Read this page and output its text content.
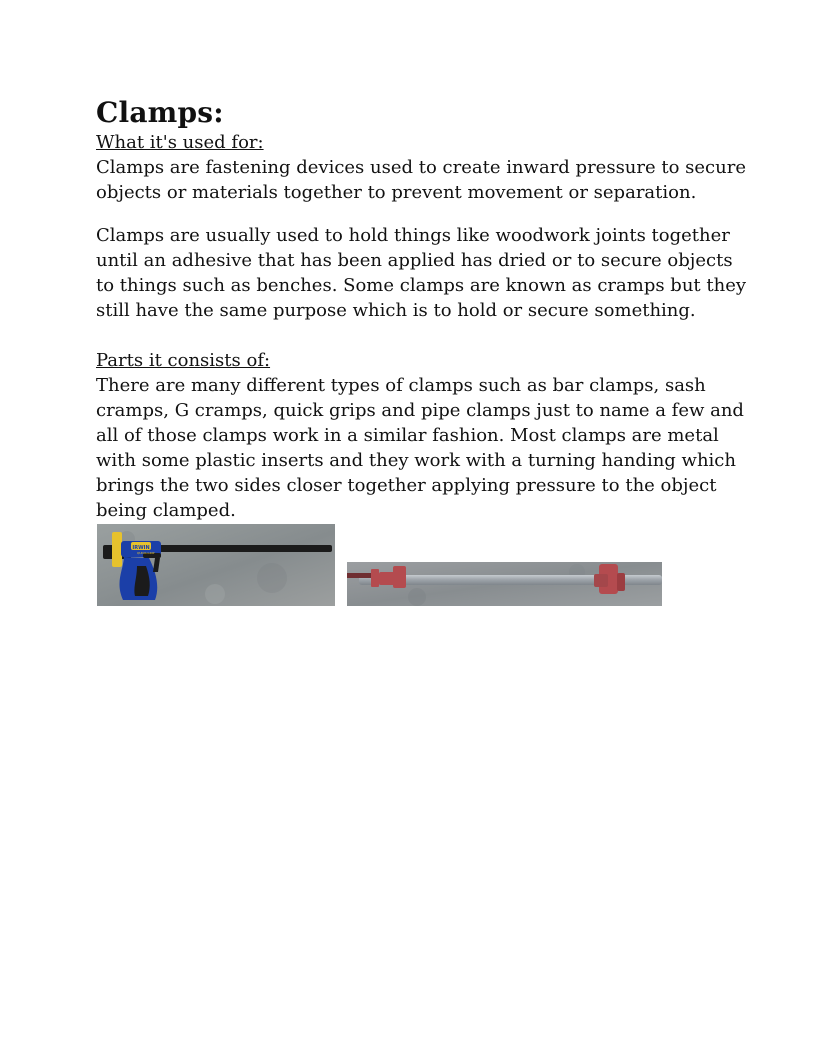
Clamps:
What it's used for:

Clamps are fastening devices used to create inward pressure to secure
objects or materials together to prevent movement or separation.

Clamps are usually used to hold things like woodwork joints together
until an adhesive that has been applied has dried or to secure objects
to things such as benches. Some clamps are known as cramps but they
still have the same purpose which is to hold or secure something.

Parts it consists of:

There are many different types of clamps such as bar clamps, sash
cramps, G cramps, quick grips and pipe clamps just to name a few and
all of those clamps work in a similar fashion. Most clamps are metal
with some plastic inserts and they work with a turning handing which
brings the two sides closer together applying pressure to the object
being clamped.

IRWIN
QUICK-GRIP
